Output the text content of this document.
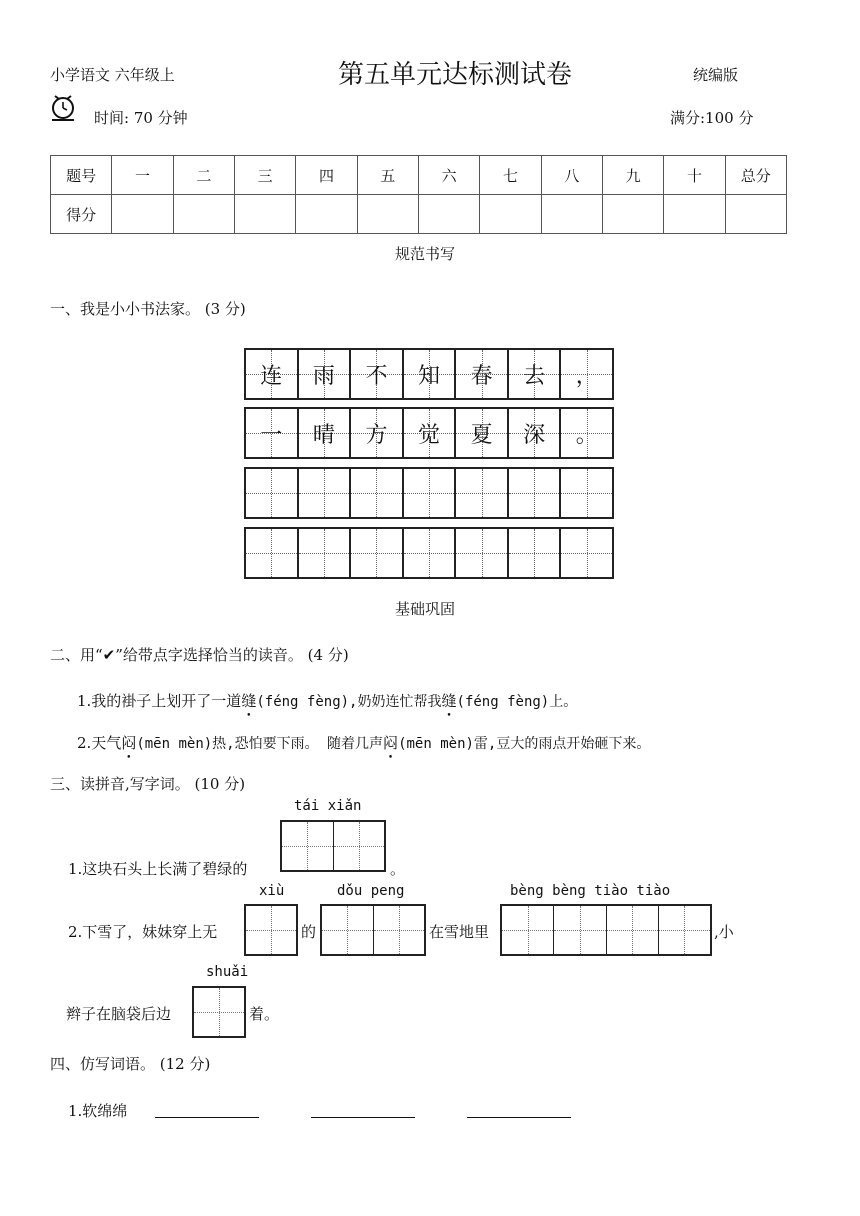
小学语文 六年级上	第五单元达标测试卷	统编版
时间: 70 分钟	满分:100 分
题号	一	二	三	四	五	六	七	八	九	十	总分
得分											
规范书写
一、我是小小书法家。 (3 分)
连 雨 不 知 春 去 ，
一 晴 方 觉 夏 深 。
基础巩固
二、用“✔”给带点字选择恰当的读音。 (4 分)
1.我的褂子上划开了一道缝(féng fèng),奶奶连忙帮我缝(féng fèng)上。
2.天气闷(mēn mèn)热,恐怕要下雨。 随着几声闷(mēn mèn)雷,豆大的雨点开始砸下来。
三、读拼音,写字词。 (10 分)
tái xiǎn
1.这块石头上长满了碧绿的	。
xiù	dǒu peng	bèng bèng tiào tiào
2.下雪了，妹妹穿上无	的	在雪地里	,小
shuǎi
辫子在脑袋后边	着。
四、仿写词语。 (12 分)
1.软绵绵
